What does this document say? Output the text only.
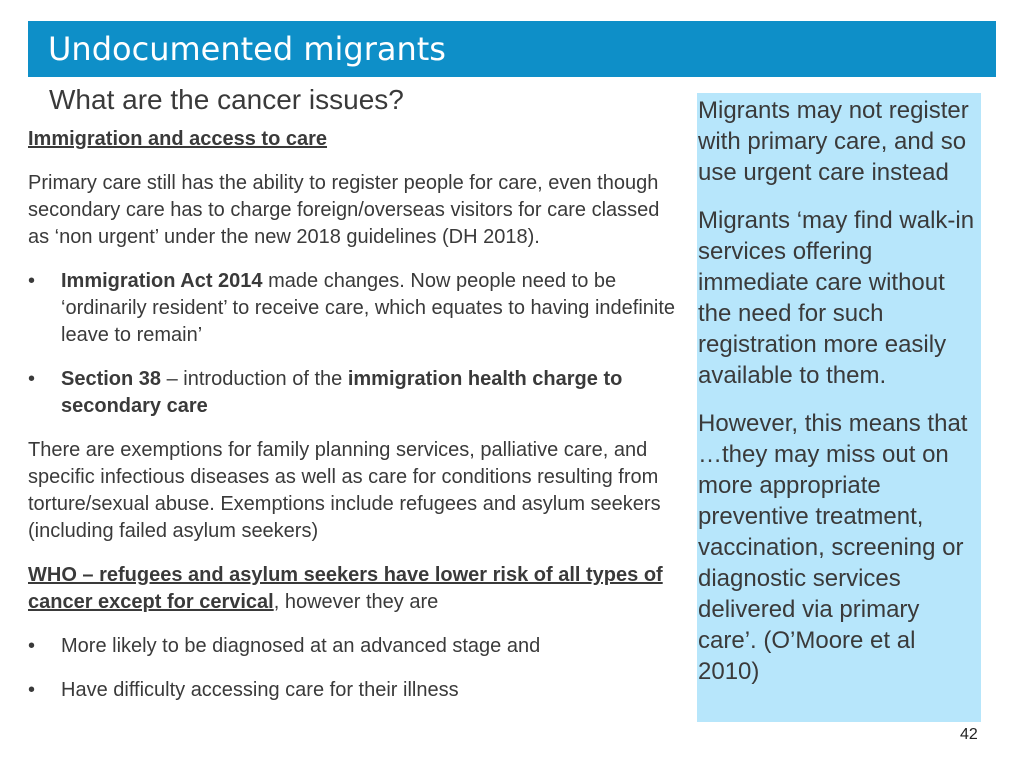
Undocumented migrants
What are the cancer issues?

Immigration and access to care

Primary care still has the ability to register people for care, even though secondary care has to charge foreign/overseas visitors for care classed as ‘non urgent’ under the new 2018 guidelines (DH 2018).

•	Immigration Act 2014 made changes. Now people need to be ‘ordinarily resident’ to receive care, which equates to having indefinite leave to remain’
•	Section 38 – introduction of the immigration health charge to secondary care

There are exemptions for family planning services, palliative care, and specific infectious diseases as well as care for conditions resulting from torture/sexual abuse. Exemptions include refugees and asylum seekers (including failed asylum seekers)

WHO – refugees and asylum seekers have lower risk of all types of cancer except for cervical, however they are

•	More likely to be diagnosed at an advanced stage and
•	Have difficulty accessing care for their illness

Migrants may not register with primary care, and so use urgent care instead

Migrants ‘may find walk-in services offering immediate care without the need for such registration more easily available to them.

However, this means that …they may miss out on more appropriate preventive treatment, vaccination, screening or diagnostic services delivered via primary care’. (O’Moore et al 2010)

42
